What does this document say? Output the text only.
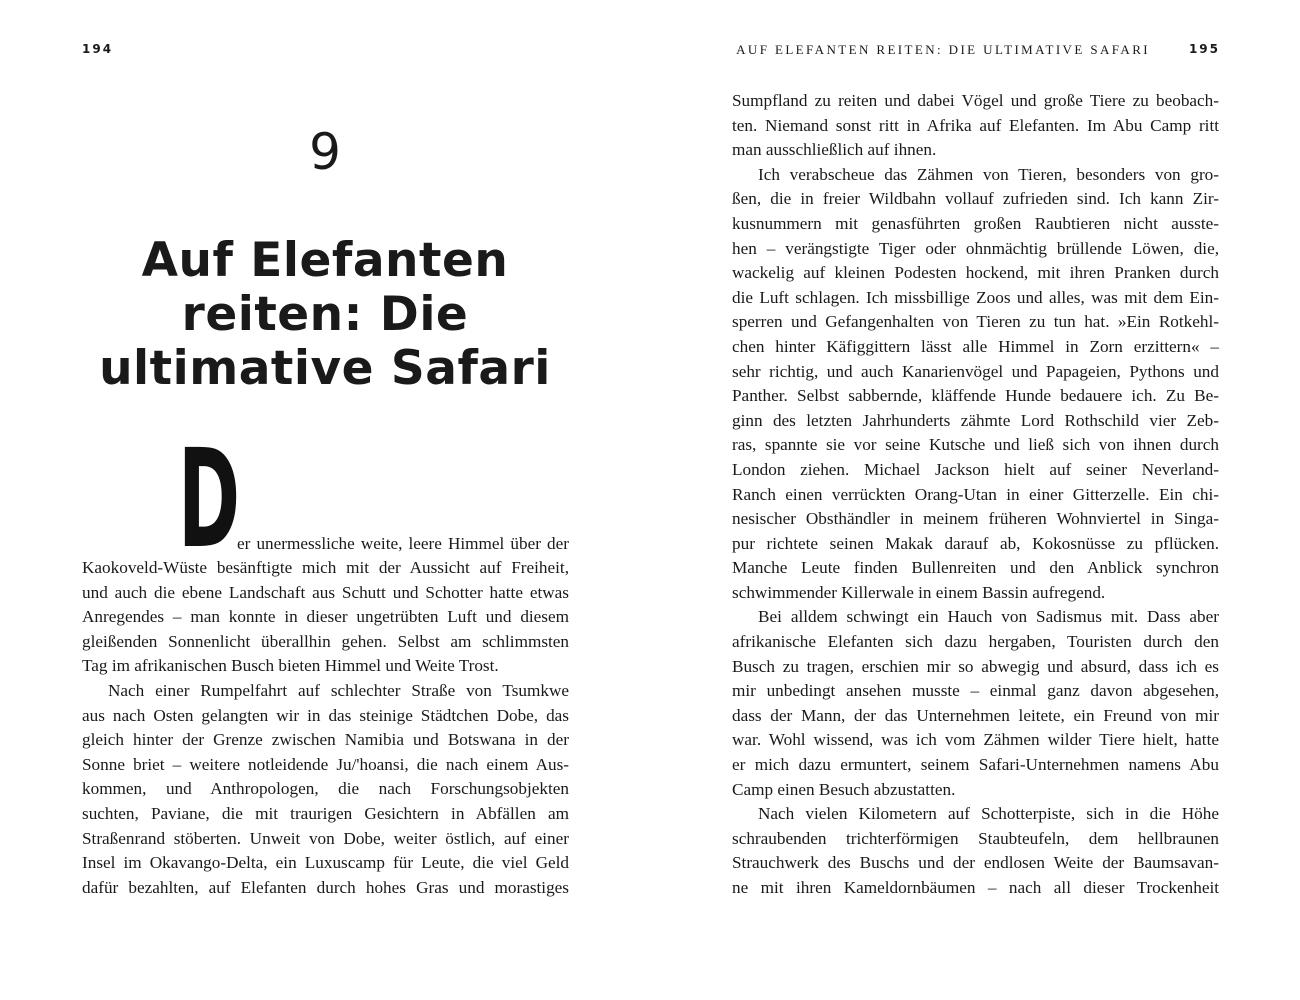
194
9
Auf Elefanten
reiten: Die
ultimative Safari
D
er unermessliche weite, leere Himmel über der
Kaokoveld-Wüste besänftigte mich mit der Aussicht auf Freiheit,
und auch die ebene Landschaft aus Schutt und Schotter hatte etwas
Anregendes – man konnte in dieser ungetrübten Luft und diesem
gleißenden Sonnenlicht überallhin gehen. Selbst am schlimmsten
Tag im afrikanischen Busch bieten Himmel und Weite Trost.
Nach einer Rumpelfahrt auf schlechter Straße von Tsumkwe
aus nach Osten gelangten wir in das steinige Städtchen Dobe, das
gleich hinter der Grenze zwischen Namibia und Botswana in der
Sonne briet – weitere notleidende Ju/'hoansi, die nach einem Aus-
kommen, und Anthropologen, die nach Forschungsobjekten
suchten, Paviane, die mit traurigen Gesichtern in Abfällen am
Straßenrand stöberten. Unweit von Dobe, weiter östlich, auf einer
Insel im Okavango-Delta, ein Luxuscamp für Leute, die viel Geld
dafür bezahlten, auf Elefanten durch hohes Gras und morastiges
AUF ELEFANTEN REITEN: DIE ULTIMATIVE SAFARI	195
Sumpfland zu reiten und dabei Vögel und große Tiere zu beobach-
ten. Niemand sonst ritt in Afrika auf Elefanten. Im Abu Camp ritt
man ausschließlich auf ihnen.
Ich verabscheue das Zähmen von Tieren, besonders von gro-
ßen, die in freier Wildbahn vollauf zufrieden sind. Ich kann Zir-
kusnummern mit genasführten großen Raubtieren nicht ausste-
hen – verängstigte Tiger oder ohnmächtig brüllende Löwen, die,
wackelig auf kleinen Podesten hockend, mit ihren Pranken durch
die Luft schlagen. Ich missbillige Zoos und alles, was mit dem Ein-
sperren und Gefangenhalten von Tieren zu tun hat. »Ein Rotkehl-
chen hinter Käfiggittern lässt alle Himmel in Zorn erzittern« –
sehr richtig, und auch Kanarienvögel und Papageien, Pythons und
Panther. Selbst sabbernde, kläffende Hunde bedauere ich. Zu Be-
ginn des letzten Jahrhunderts zähmte Lord Rothschild vier Zeb-
ras, spannte sie vor seine Kutsche und ließ sich von ihnen durch
London ziehen. Michael Jackson hielt auf seiner Neverland-
Ranch einen verrückten Orang-Utan in einer Gitterzelle. Ein chi-
nesischer Obsthändler in meinem früheren Wohnviertel in Singa-
pur richtete seinen Makak darauf ab, Kokosnüsse zu pflücken.
Manche Leute finden Bullenreiten und den Anblick synchron
schwimmender Killerwale in einem Bassin aufregend.
Bei alldem schwingt ein Hauch von Sadismus mit. Dass aber
afrikanische Elefanten sich dazu hergaben, Touristen durch den
Busch zu tragen, erschien mir so abwegig und absurd, dass ich es
mir unbedingt ansehen musste – einmal ganz davon abgesehen,
dass der Mann, der das Unternehmen leitete, ein Freund von mir
war. Wohl wissend, was ich vom Zähmen wilder Tiere hielt, hatte
er mich dazu ermuntert, seinem Safari-Unternehmen namens Abu
Camp einen Besuch abzustatten.
Nach vielen Kilometern auf Schotterpiste, sich in die Höhe
schraubenden trichterförmigen Staubteufeln, dem hellbraunen
Strauchwerk des Buschs und der endlosen Weite der Baumsavan-
ne mit ihren Kameldornbäumen – nach all dieser Trockenheit
